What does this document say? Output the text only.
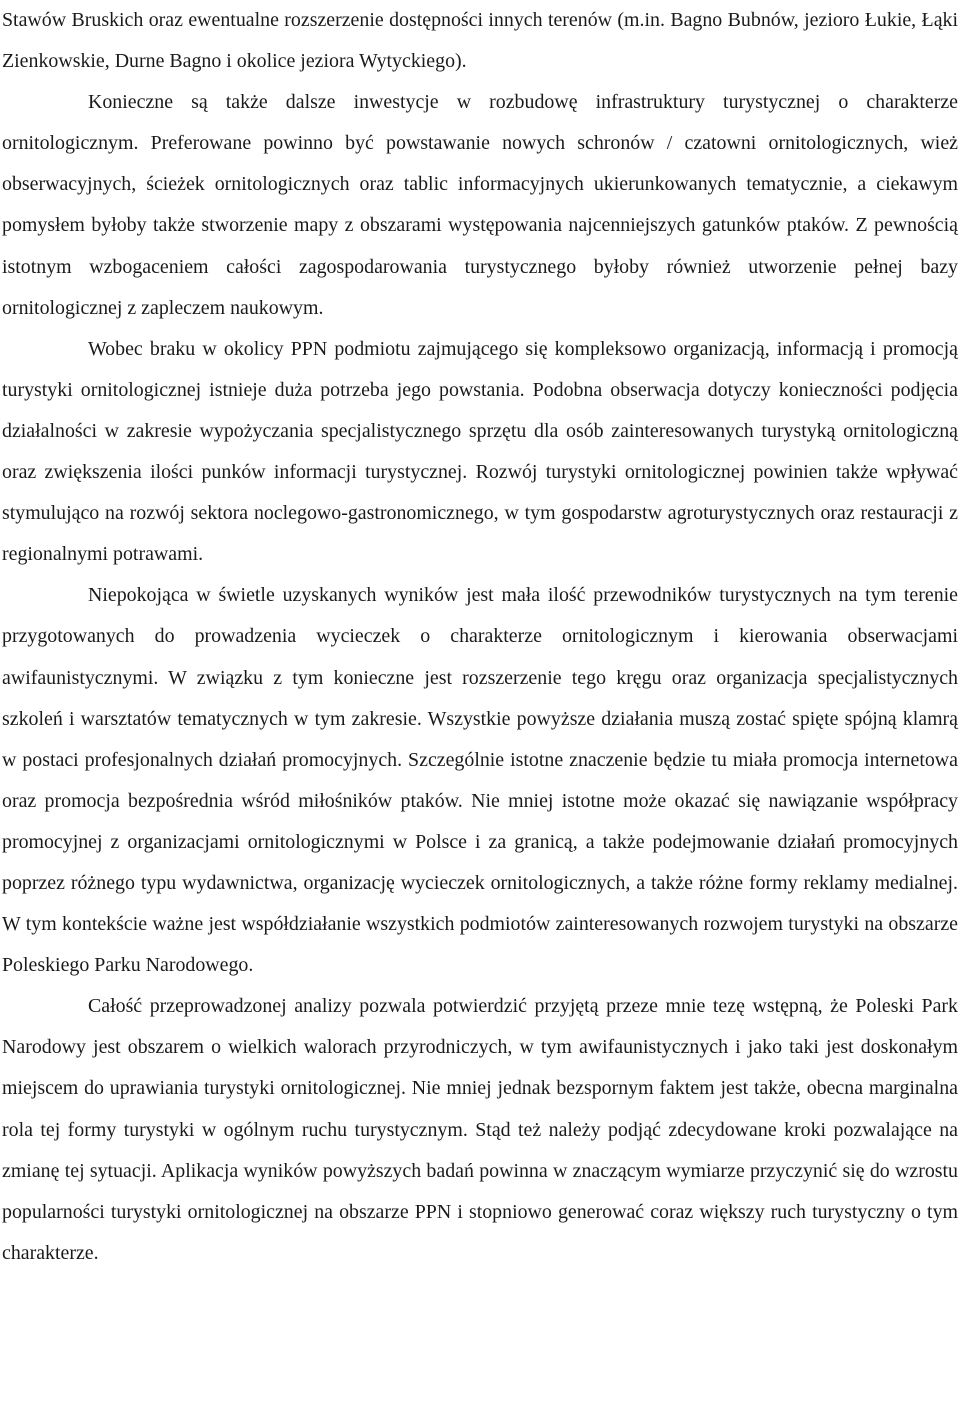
Stawów Bruskich oraz ewentualne rozszerzenie dostępności innych terenów (m.in. Bagno Bubnów, jezioro Łukie, Łąki Zienkowskie, Durne Bagno i okolice jeziora Wytyckiego).

Konieczne są także dalsze inwestycje w rozbudowę infrastruktury turystycznej o charakterze ornitologicznym. Preferowane powinno być powstawanie nowych schronów / czatowni ornitologicznych, wież obserwacyjnych, ścieżek ornitologicznych oraz tablic informacyjnych ukierunkowanych tematycznie, a ciekawym pomysłem byłoby także stworzenie mapy z obszarami występowania najcenniejszych gatunków ptaków. Z pewnością istotnym wzbogaceniem całości zagospodarowania turystycznego byłoby również utworzenie pełnej bazy ornitologicznej z zapleczem naukowym.

Wobec braku w okolicy PPN podmiotu zajmującego się kompleksowo organizacją, informacją i promocją turystyki ornitologicznej istnieje duża potrzeba jego powstania. Podobna obserwacja dotyczy konieczności podjęcia działalności w zakresie wypożyczania specjalistycznego sprzętu dla osób zainteresowanych turystyką ornitologiczną oraz zwiększenia ilości punków informacji turystycznej. Rozwój turystyki ornitologicznej powinien także wpływać stymulująco na rozwój sektora noclegowo-gastronomicznego, w tym gospodarstw agroturystycznych oraz restauracji z regionalnymi potrawami.

Niepokojąca w świetle uzyskanych wyników jest mała ilość przewodników turystycznych na tym terenie przygotowanych do prowadzenia wycieczek o charakterze ornitologicznym i kierowania obserwacjami awifaunistycznymi. W związku z tym konieczne jest rozszerzenie tego kręgu oraz organizacja specjalistycznych szkoleń i warsztatów tematycznych w tym zakresie. Wszystkie powyższe działania muszą zostać spięte spójną klamrą w postaci profesjonalnych działań promocyjnych. Szczególnie istotne znaczenie będzie tu miała promocja internetowa oraz promocja bezpośrednia wśród miłośników ptaków. Nie mniej istotne może okazać się nawiązanie współpracy promocyjnej z organizacjami ornitologicznymi w Polsce i za granicą, a także podejmowanie działań promocyjnych poprzez różnego typu wydawnictwa, organizację wycieczek ornitologicznych, a także różne formy reklamy medialnej. W tym kontekście ważne jest współdziałanie wszystkich podmiotów zainteresowanych rozwojem turystyki na obszarze Poleskiego Parku Narodowego.

Całość przeprowadzonej analizy pozwala potwierdzić przyjętą przeze mnie tezę wstępną, że Poleski Park Narodowy jest obszarem o wielkich walorach przyrodniczych, w tym awifaunistycznych i jako taki jest doskonałym miejscem do uprawiania turystyki ornitologicznej. Nie mniej jednak bezspornym faktem jest także, obecna marginalna rola tej formy turystyki w ogólnym ruchu turystycznym. Stąd też należy podjąć zdecydowane kroki pozwalające na zmianę tej sytuacji. Aplikacja wyników powyższych badań powinna w znaczącym wymiarze przyczynić się do wzrostu popularności turystyki ornitologicznej na obszarze PPN i stopniowo generować coraz większy ruch turystyczny o tym charakterze.
